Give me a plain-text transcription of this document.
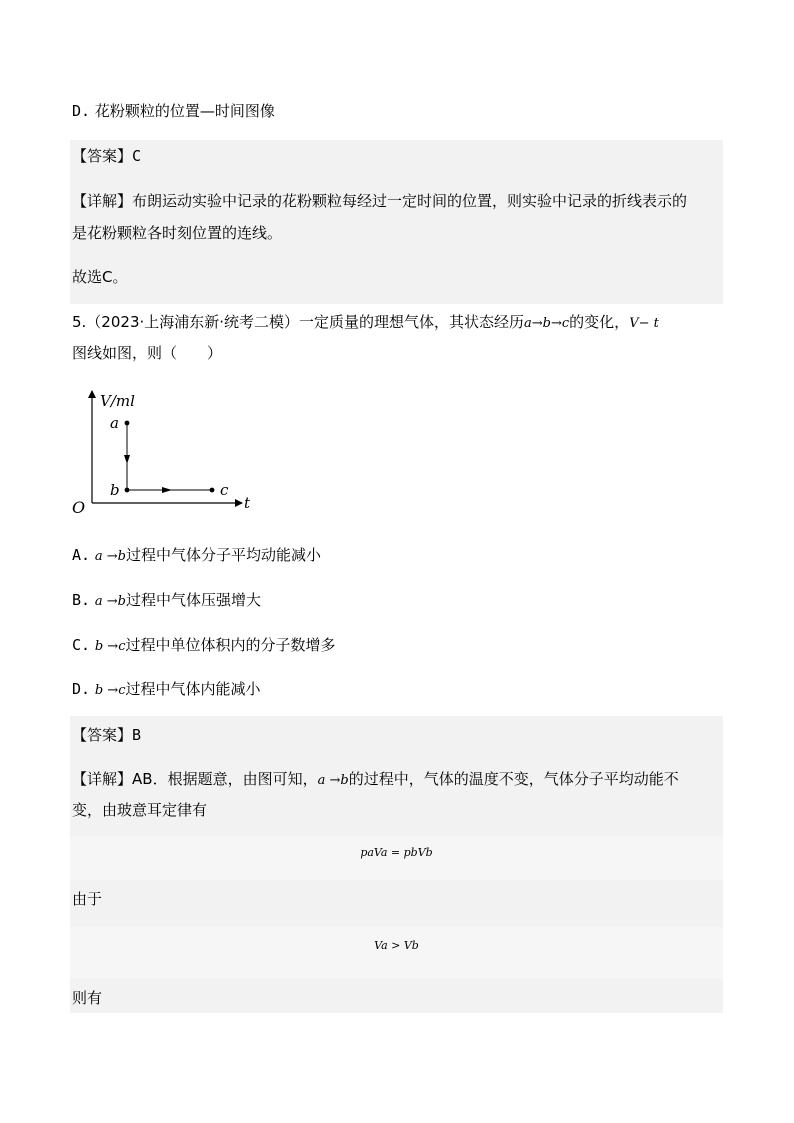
D. 花粉颗粒的位置—时间图像
【答案】C
【详解】布朗运动实验中记录的花粉颗粒每经过一定时间的位置，则实验中记录的折线表示的
是花粉颗粒各时刻位置的连线。
故选C。
5.（2023·上海浦东新·统考二模）一定质量的理想气体，其状态经历a→b→c的变化，V− t
图线如图，则（　　）
V/ml
a
b	c
O	t
A. a →b过程中气体分子平均动能减小
B. a →b过程中气体压强增大
C. b →c过程中单位体积内的分子数增多
D. b →c过程中气体内能减小
【答案】B
【详解】AB．根据题意，由图可知，a →b的过程中，气体的温度不变，气体分子平均动能不
变，由玻意耳定律有
paVa = pbVb
由于
Va > Vb
则有
